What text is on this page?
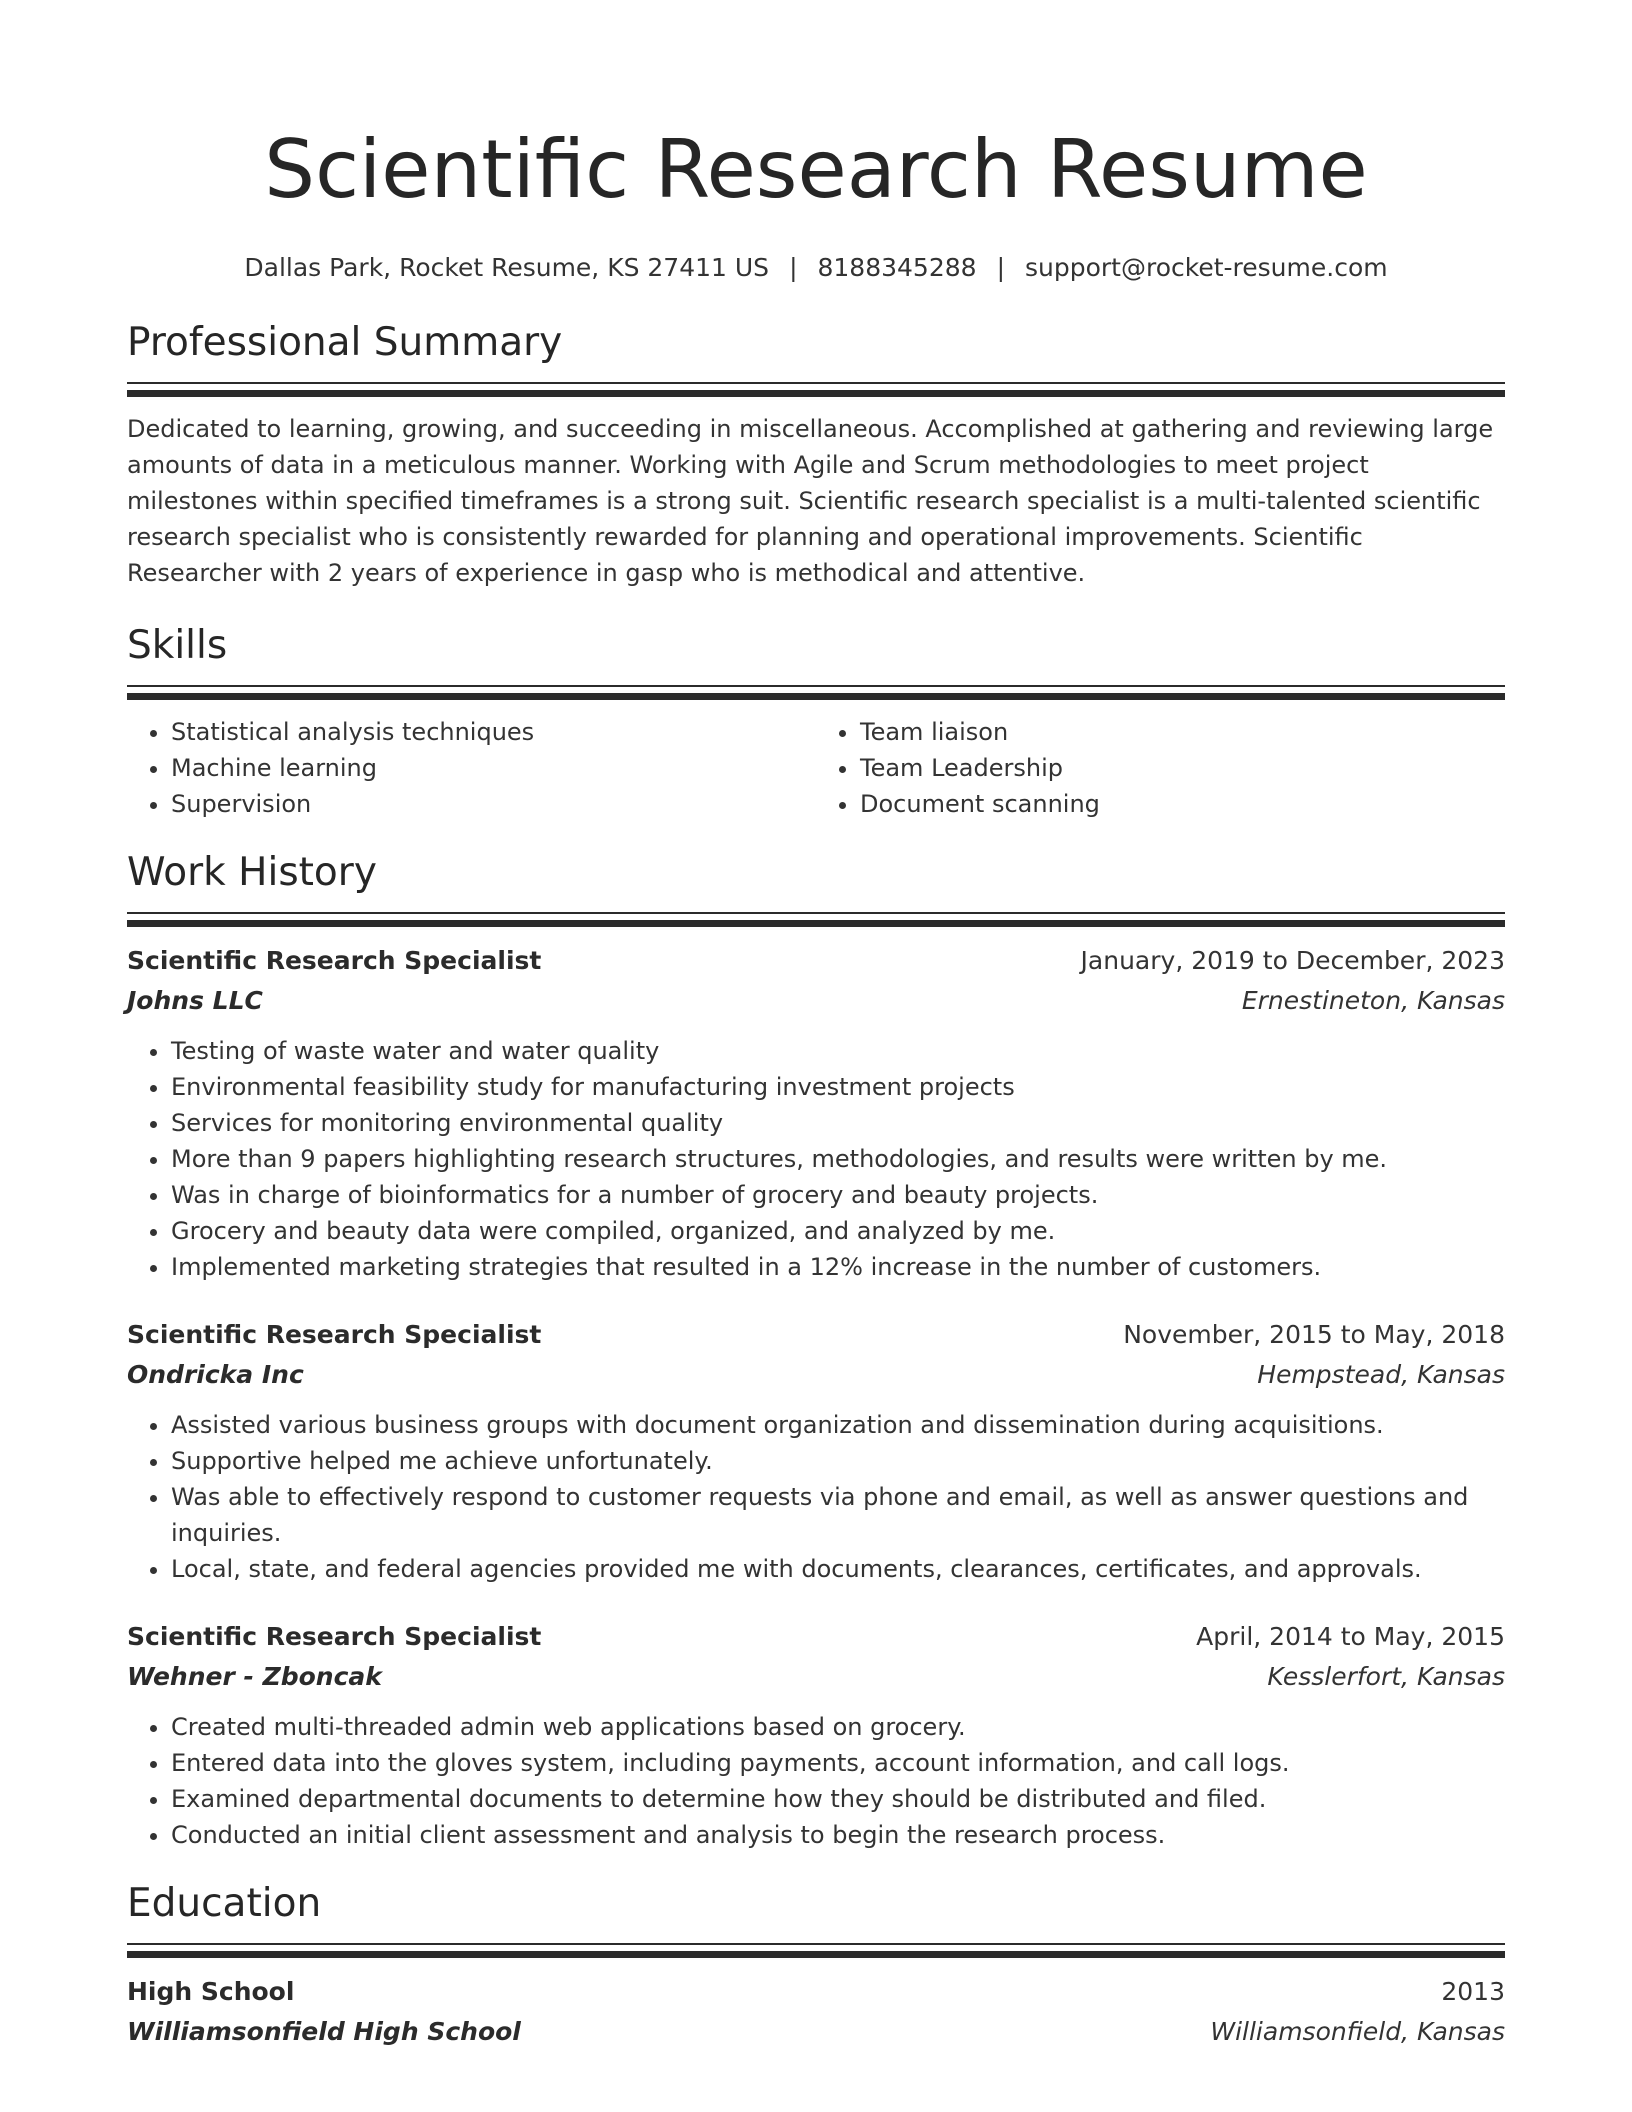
Scientific Research Resume
Dallas Park, Rocket Resume, KS 27411 US | 8188345288 | support@rocket-resume.com
Professional Summary

Dedicated to learning, growing, and succeeding in miscellaneous. Accomplished at gathering and reviewing large amounts of data in a meticulous manner. Working with Agile and Scrum methodologies to meet project milestones within specified timeframes is a strong suit. Scientific research specialist is a multi-talented scientific research specialist who is consistently rewarded for planning and operational improvements. Scientific Researcher with 2 years of experience in gasp who is methodical and attentive.

Skills
• Statistical analysis techniques
• Machine learning
• Supervision
• Team liaison
• Team Leadership
• Document scanning
Work History
Scientific Research Specialist	January, 2019 to December, 2023
Johns LLC	Ernestineton, Kansas
• Testing of waste water and water quality
• Environmental feasibility study for manufacturing investment projects
• Services for monitoring environmental quality
• More than 9 papers highlighting research structures, methodologies, and results were written by me.
• Was in charge of bioinformatics for a number of grocery and beauty projects.
• Grocery and beauty data were compiled, organized, and analyzed by me.
• Implemented marketing strategies that resulted in a 12% increase in the number of customers.
Scientific Research Specialist	November, 2015 to May, 2018
Ondricka Inc	Hempstead, Kansas
• Assisted various business groups with document organization and dissemination during acquisitions.
• Supportive helped me achieve unfortunately.
• Was able to effectively respond to customer requests via phone and email, as well as answer questions and inquiries.
• Local, state, and federal agencies provided me with documents, clearances, certificates, and approvals.
Scientific Research Specialist	April, 2014 to May, 2015
Wehner - Zboncak	Kesslerfort, Kansas
• Created multi-threaded admin web applications based on grocery.
• Entered data into the gloves system, including payments, account information, and call logs.
• Examined departmental documents to determine how they should be distributed and filed.
• Conducted an initial client assessment and analysis to begin the research process.
Education
High School	2013
Williamsonfield High School	Williamsonfield, Kansas
